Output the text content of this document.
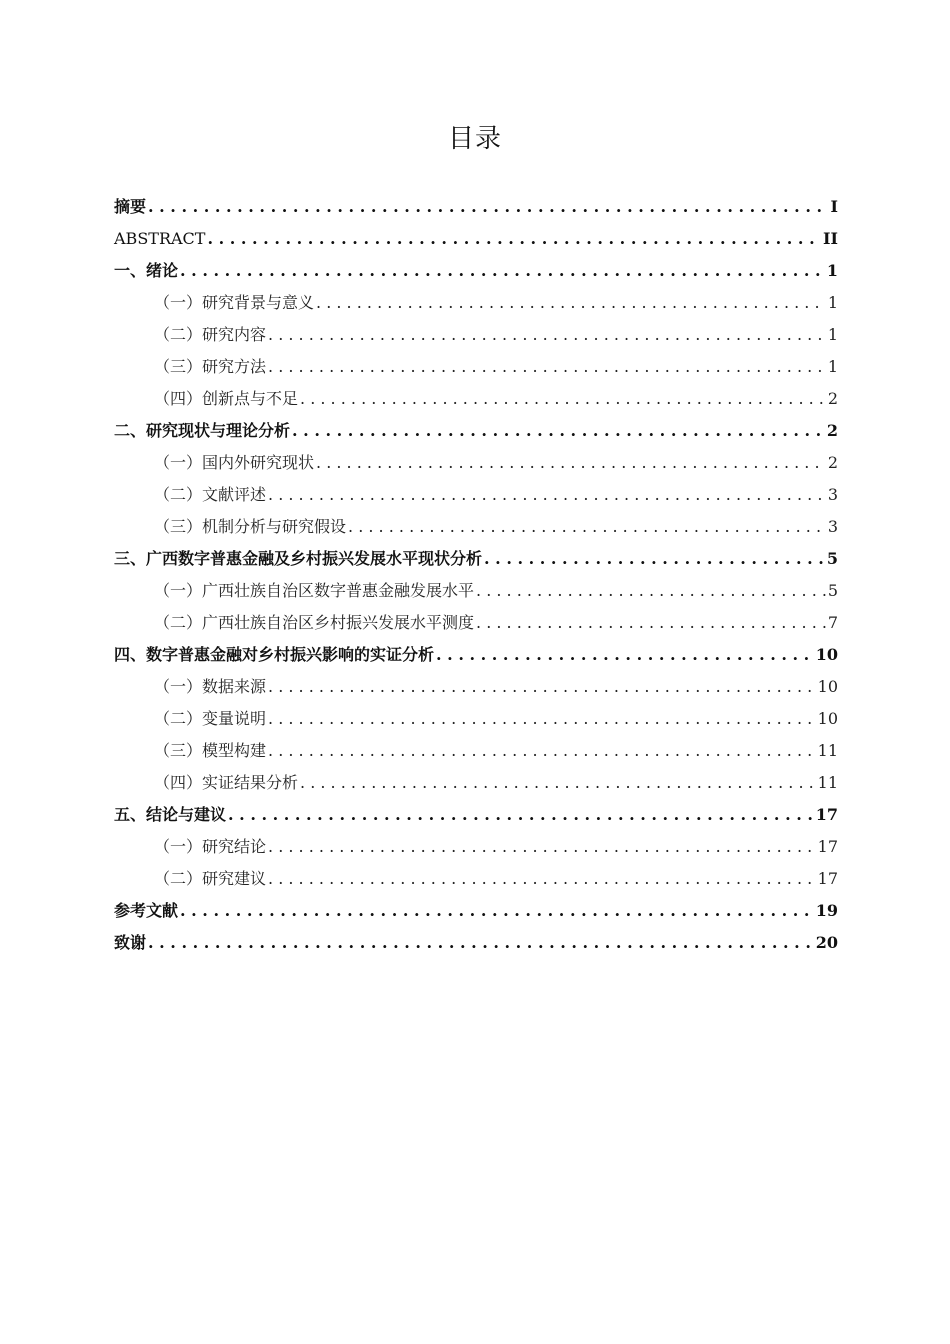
目录
摘要 . . .	I
ABSTRACT . . .	II
一、 绪论 . . .	1
（一） 研究背景与意义 . . .	1
（二） 研究内容 . . .	1
（三） 研究方法 . . .	1
（四） 创新点与不足 . . .	2
二、 研究现状与理论分析 . . .	2
（一） 国内外研究现状 . . .	2
（二） 文献评述 . . .	3
（三） 机制分析与研究假设 . . .	3
三、 广西数字普惠金融及乡村振兴发展水平现状分析 . . .	5
（一） 广西壮族自治区数字普惠金融发展水平 . . .	5
（二） 广西壮族自治区乡村振兴发展水平测度 . . .	7
四、 数字普惠金融对乡村振兴影响的实证分析 . . .	10
（一） 数据来源 . . .	10
（二） 变量说明 . . .	10
（三） 模型构建 . . .	11
（四） 实证结果分析 . . .	11
五、 结论与建议 . . .	17
（一） 研究结论 . . .	17
（二） 研究建议 . . .	17
参考文献 . . .	19
致谢 . . .	20
